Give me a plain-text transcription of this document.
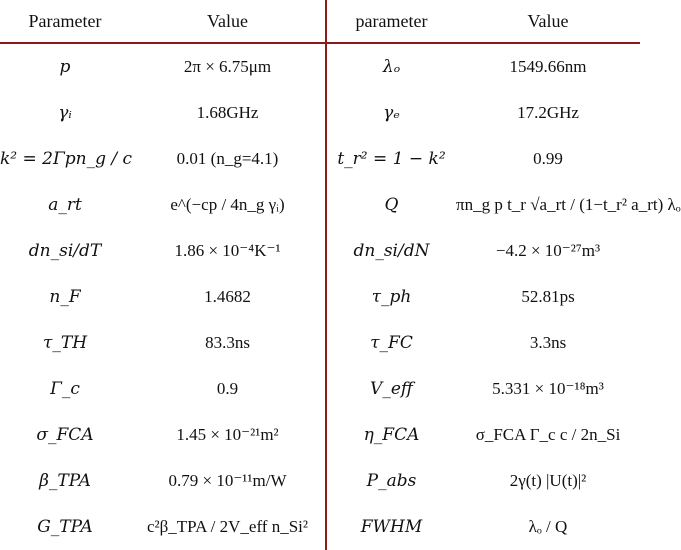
Parameter	Value	parameter	Value
p	2π × 6.75μm	λₒ	1549.66nm
γᵢ	1.68GHz	γₑ	17.2GHz
k² = 2Γpn_g / c	0.01 (n_g=4.1)	t_r² = 1 − k²	0.99
a_rt	e^(−cp / 4n_g γᵢ)	Q	πn_g p t_r √a_rt / (1−t_r² a_rt) λₒ
dn_si/dT	1.86 × 10⁻⁴K⁻¹	dn_si/dN	−4.2 × 10⁻²⁷m³
n_F	1.4682	τ_ph	52.81ps
τ_TH	83.3ns	τ_FC	3.3ns
Γ_c	0.9	V_eff	5.331 × 10⁻¹⁸m³
σ_FCA	1.45 × 10⁻²¹m²	η_FCA	σ_FCA Γ_c c / 2n_Si
β_TPA	0.79 × 10⁻¹¹m/W	P_abs	2γ(t) |U(t)|²
G_TPA	c²β_TPA / 2V_eff n_Si²	FWHM	λₒ / Q
